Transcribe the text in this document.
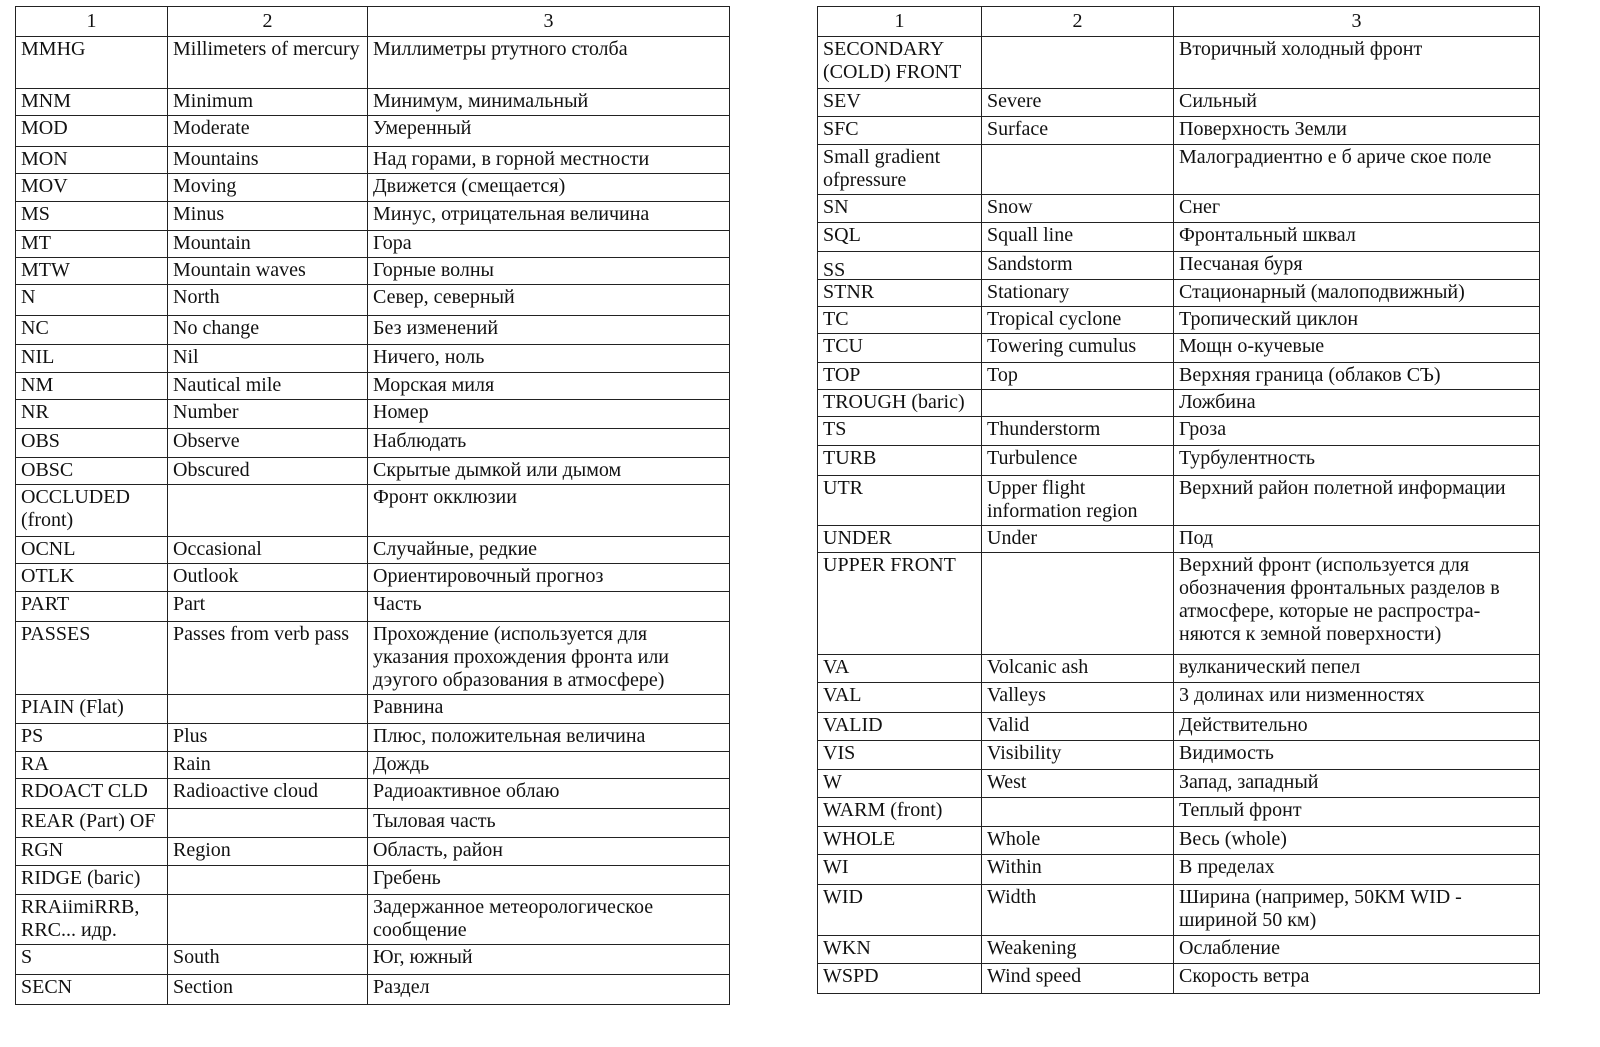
1	2	3
MMHG	Millimeters of mercury	Миллиметры ртутного столба
MNM	Minimum	Минимум, минимальный
MOD	Moderate	Умеренный
MON	Mountains	Над горами, в горной местности
MOV	Moving	Движется (смещается)
MS	Minus	Минус, отрицательная величина
MT	Mountain	Гора
MTW	Mountain waves	Горные волны
N	North	Север, северный
NC	No change	Без изменений
NIL	Nil	Ничего, ноль
NM	Nautical mile	Морская миля
NR	Number	Номер
OBS	Observe	Наблюдать
OBSC	Obscured	Скрытые дымкой или дымом
OCCLUDED (front)		Фронт окклюзии
OCNL	Occasional	Случайные, редкие
OTLK	Outlook	Ориентировочный прогноз
PART	Part	Часть
PASSES	Passes from verb pass	Прохождение (используется для указания прохождения фронта или дэугого образования в атмосфере)
PIAIN (Flat)		Равнина
PS	Plus	Плюс, положительная величина
RA	Rain	Дождь
RDOACT CLD	Radioactive cloud	Радиоактивное облаю
REAR (Part) OF		Тыловая часть
RGN	Region	Область, район
RIDGE (baric)		Гребень
RRAiimiRRB, RRC... идр.		Задержанное метеорологическое сообщение
S	South	Юг, южный
SECN	Section	Раздел
1	2	3
SECONDARY (COLD) FRONT		Вторичный холодный фронт
SEV	Severe	Сильный
SFC	Surface	Поверхность Земли
Small gradient ofpressure		Малоградиентно е б ариче ское поле
SN	Snow	Снег
SQL	Squall line	Фронтальный шквал
SS	Sandstorm	Песчаная буря
STNR	Stationary	Стационарный (малоподвижный)
TC	Tropical cyclone	Тропический циклон
TCU	Towering cumulus	Мощн о-кучевые
TOP	Top	Верхняя граница (облаков СЪ)
TROUGH (baric)		Ложбина
TS	Thunderstorm	Гроза
TURB	Turbulence	Турбулентность
UTR	Upper flight information region	Верхний район полетной информации
UNDER	Under	Под
UPPER FRONT		Верхний фронт (используется для обозначения фронтальных разделов в атмосфере, которые не распростра-няются к земной поверхности)
VA	Volcanic ash	вулканический пепел
VAL	Valleys	3 долинах или низменностях
VALID	Valid	Действительно
VIS	Visibility	Видимость
W	West	Запад, западный
WARM (front)		Теплый фронт
WHOLE	Whole	Весь (whole)
WI	Within	В пределах
WID	Width	Ширина (например, 50КМ WID - шириной 50 км)
WKN	Weakening	Ослабление
WSPD	Wind speed	Скорость ветра
